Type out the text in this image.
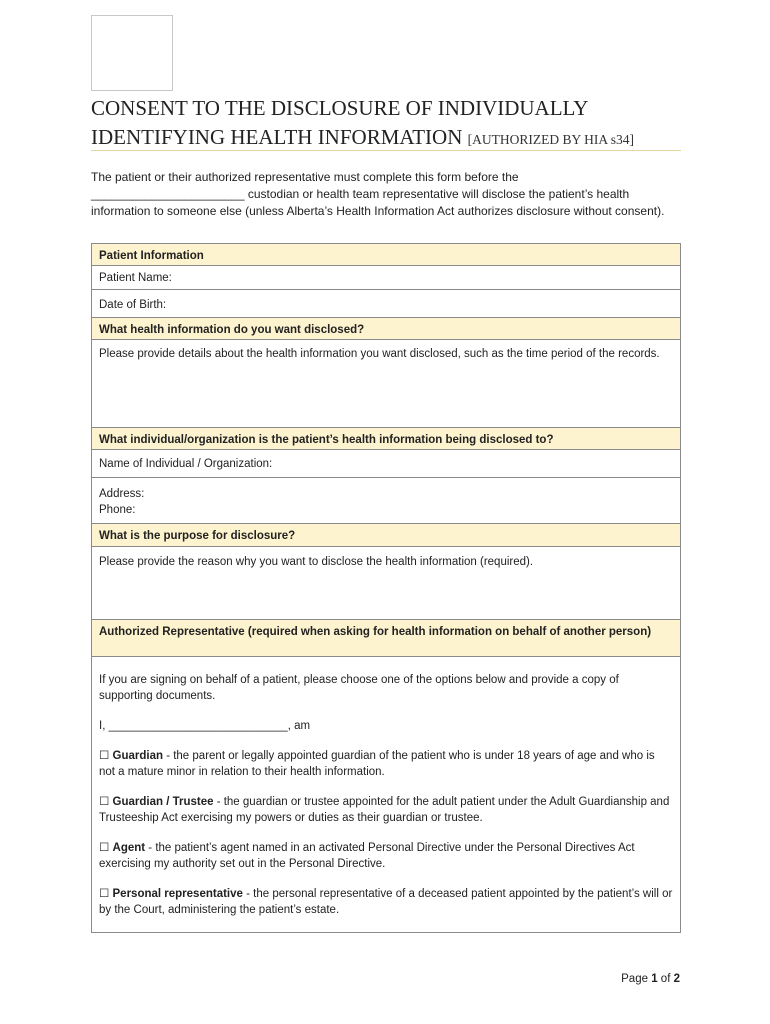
CONSENT TO THE DISCLOSURE OF INDIVIDUALLY
IDENTIFYING HEALTH INFORMATION [AUTHORIZED BY HIA s34]
The patient or their authorized representative must complete this form before the
_______________________ custodian or health team representative will disclose the patient’s health information to someone else (unless Alberta’s Health Information Act authorizes disclosure without consent).
Patient Information
Patient Name:
Date of Birth:
What health information do you want disclosed?

Please provide details about the health information you want disclosed, such as the time period of the records.

What individual/organization is the patient’s health information being disclosed to?
Name of Individual / Organization:
Address:
Phone:
What is the purpose for disclosure?

Please provide the reason why you want to disclose the health information (required).

Authorized Representative (required when asking for health information on behalf of another person)

If you are signing on behalf of a patient, please choose one of the options below and provide a copy of supporting documents.

I, ____________________________, am

☐ Guardian - the parent or legally appointed guardian of the patient who is under 18 years of age and who is not a mature minor in relation to their health information.

☐ Guardian / Trustee - the guardian or trustee appointed for the adult patient under the Adult Guardianship and Trusteeship Act exercising my powers or duties as their guardian or trustee.

☐ Agent - the patient’s agent named in an activated Personal Directive under the Personal Directives Act exercising my authority set out in the Personal Directive.

☐ Personal representative - the personal representative of a deceased patient appointed by the patient’s will or by the Court, administering the patient’s estate.

Page 1 of 2
